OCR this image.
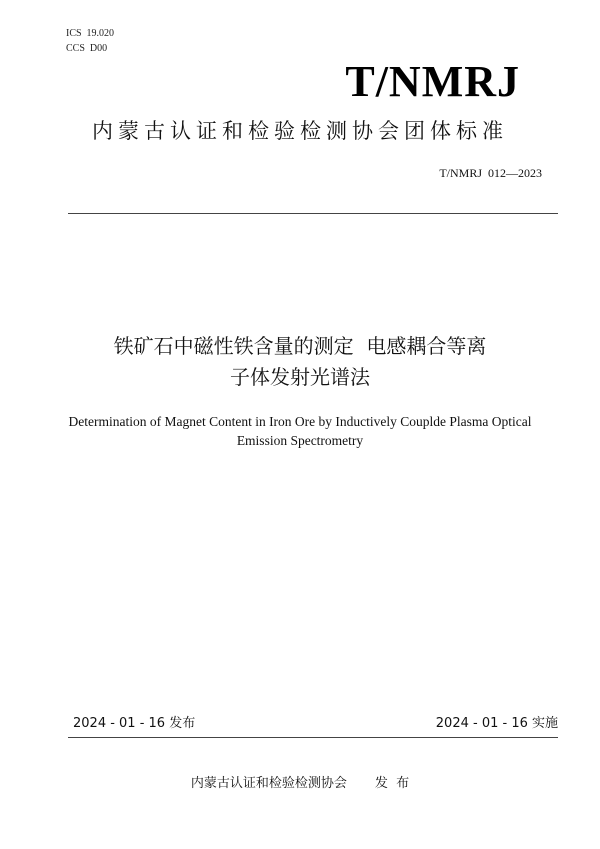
ICS  19.020
CCS  D00
T/NMRJ
内蒙古认证和检验检测协会团体标准
T/NMRJ  012—2023
铁矿石中磁性铁含量的测定  电感耦合等离
子体发射光谱法
Determination of Magnet Content in Iron Ore by Inductively Couplde Plasma Optical
Emission Spectrometry
2024 - 01 - 16 发布	2024 - 01 - 16 实施
内蒙古认证和检验检测协会 发  布
